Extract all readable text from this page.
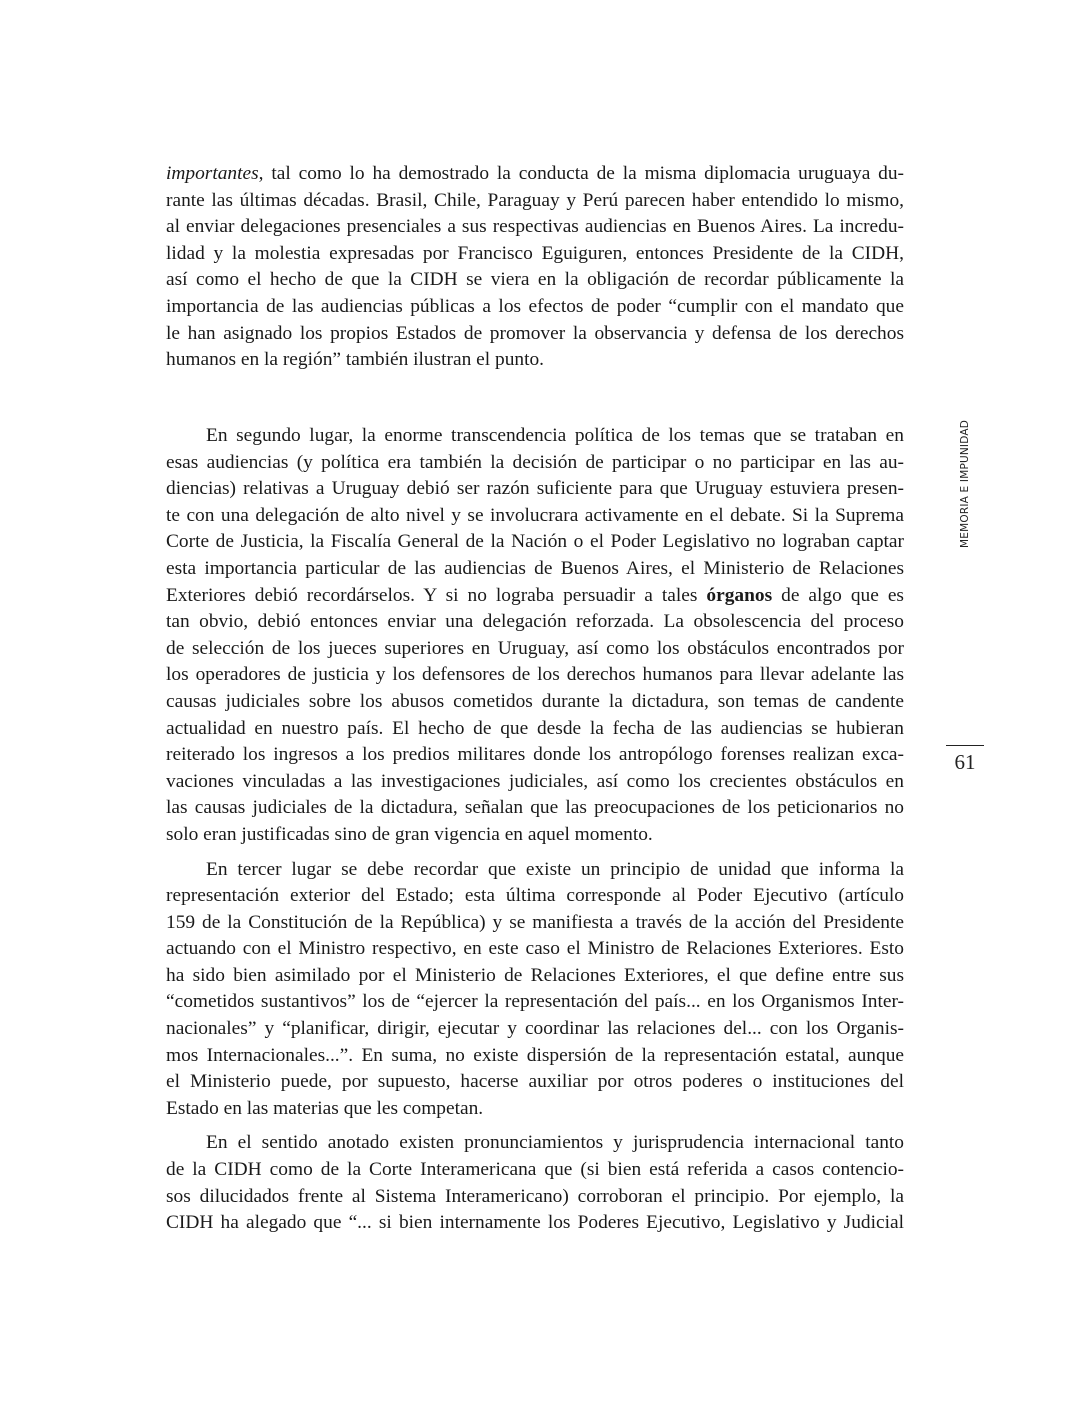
importantes, tal como lo ha demostrado la conducta de la misma diplomacia uruguaya du-
rante las últimas décadas. Brasil, Chile, Paraguay y Perú parecen haber entendido lo mismo,
al enviar delegaciones presenciales a sus respectivas audiencias en Buenos Aires. La incredu-
lidad y la molestia expresadas por Francisco Eguiguren, entonces Presidente de la CIDH,
así como el hecho de que la CIDH se viera en la obligación de recordar públicamente la
importancia de las audiencias públicas a los efectos de poder “cumplir con el mandato que
le han asignado los propios Estados de promover la observancia y defensa de los derechos
humanos en la región” también ilustran el punto.
En segundo lugar, la enorme transcendencia política de los temas que se trataban en
esas audiencias (y política era también la decisión de participar o no participar en las au-
diencias) relativas a Uruguay debió ser razón suficiente para que Uruguay estuviera presen-
te con una delegación de alto nivel y se involucrara activamente en el debate. Si la Suprema
Corte de Justicia, la Fiscalía General de la Nación o el Poder Legislativo no lograban captar
esta importancia particular de las audiencias de Buenos Aires, el Ministerio de Relaciones
Exteriores debió recordárselos. Y si no lograba persuadir a tales órganos de algo que es
tan obvio, debió entonces enviar una delegación reforzada. La obsolescencia del proceso
de selección de los jueces superiores en Uruguay, así como los obstáculos encontrados por
los operadores de justicia y los defensores de los derechos humanos para llevar adelante las
causas judiciales sobre los abusos cometidos durante la dictadura, son temas de candente
actualidad en nuestro país. El hecho de que desde la fecha de las audiencias se hubieran
reiterado los ingresos a los predios militares donde los antropólogo forenses realizan exca-
vaciones vinculadas a las investigaciones judiciales, así como los crecientes obstáculos en
las causas judiciales de la dictadura, señalan que las preocupaciones de los peticionarios no
solo eran justificadas sino de gran vigencia en aquel momento.
En tercer lugar se debe recordar que existe un principio de unidad que informa la
representación exterior del Estado; esta última corresponde al Poder Ejecutivo (artículo
159 de la Constitución de la República) y se manifiesta a través de la acción del Presidente
actuando con el Ministro respectivo, en este caso el Ministro de Relaciones Exteriores. Esto
ha sido bien asimilado por el Ministerio de Relaciones Exteriores, el que define entre sus
“cometidos sustantivos” los de “ejercer la representación del país... en los Organismos Inter-
nacionales” y “planificar, dirigir, ejecutar y coordinar las relaciones del... con los Organis-
mos Internacionales...”. En suma, no existe dispersión de la representación estatal, aunque
el Ministerio puede, por supuesto, hacerse auxiliar por otros poderes o instituciones del
Estado en las materias que les competan.
En el sentido anotado existen pronunciamientos y jurisprudencia internacional tanto
de la CIDH como de la Corte Interamericana que (si bien está referida a casos contencio-
sos dilucidados frente al Sistema Interamericano) corroboran el principio. Por ejemplo, la
CIDH ha alegado que “... si bien internamente los Poderes Ejecutivo, Legislativo y Judicial
MEMORIA E IMPUNIDAD
61
